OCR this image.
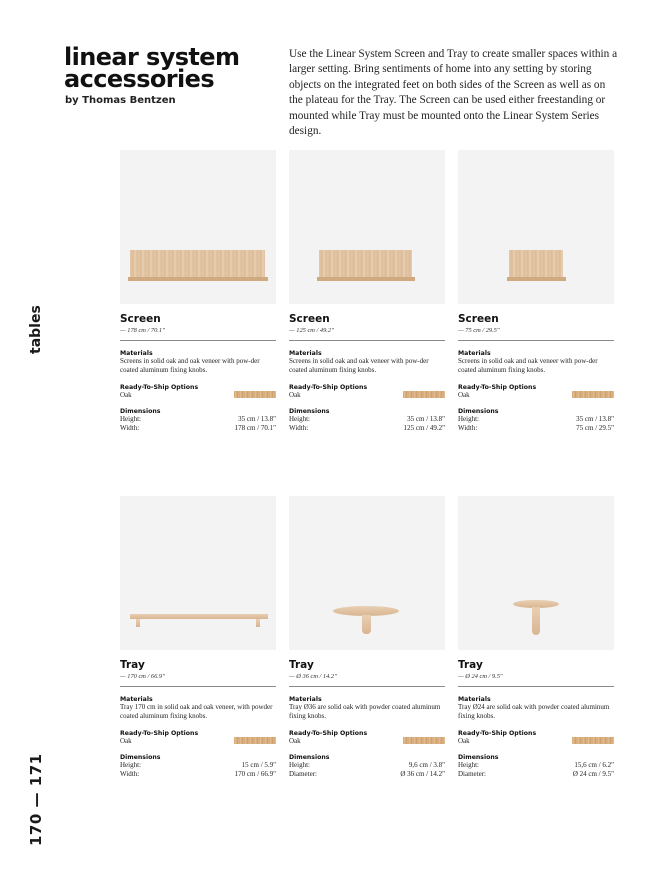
linear system
accessories
by Thomas Bentzen

Use the Linear System Screen and Tray to create smaller spaces within a larger setting. Bring sentiments of home into any setting by storing objects on the integrated feet on both sides of the Screen as well as on the plateau for the Tray. The Screen can be used either freestanding or mounted while Tray must be mounted onto the Linear System Series design.

tables
170 — 171
Screen
— 178 cm / 70.1"
Materials
Screens in solid oak and oak veneer with pow-der coated aluminum fixing knobs.
Ready-To-Ship Options
Oak
Dimensions
Height:	35 cm / 13.8"
Width:	178 cm / 70.1"
Screen
— 125 cm / 49.2"
Materials
Screens in solid oak and oak veneer with pow-der coated aluminum fixing knobs.
Ready-To-Ship Options
Oak
Dimensions
Height:	35 cm / 13.8"
Width:	125 cm / 49.2"
Screen
— 75 cm / 29.5"
Materials
Screens in solid oak and oak veneer with pow-der coated aluminum fixing knobs.
Ready-To-Ship Options
Oak
Dimensions
Height:	35 cm / 13.8"
Width:	75 cm / 29.5"
Tray
— 170 cm / 66.9"
Materials
Tray 170 cm in solid oak and oak veneer, with powder coated aluminum fixing knobs.
Ready-To-Ship Options
Oak
Dimensions
Height:	15 cm / 5.9"
Width:	170 cm / 66.9"
Tray
— Ø 36 cm / 14.2"
Materials
Tray Ø36 are solid oak with powder coated aluminum fixing knobs.
Ready-To-Ship Options
Oak
Dimensions
Height:	9,6 cm / 3.8"
Diameter:	Ø 36 cm / 14.2"
Tray
— Ø 24 cm / 9.5"
Materials
Tray Ø24 are solid oak with powder coated aluminum fixing knobs.
Ready-To-Ship Options
Oak
Dimensions
Height:	15,6 cm / 6.2"
Diameter:	Ø 24 cm / 9.5"
